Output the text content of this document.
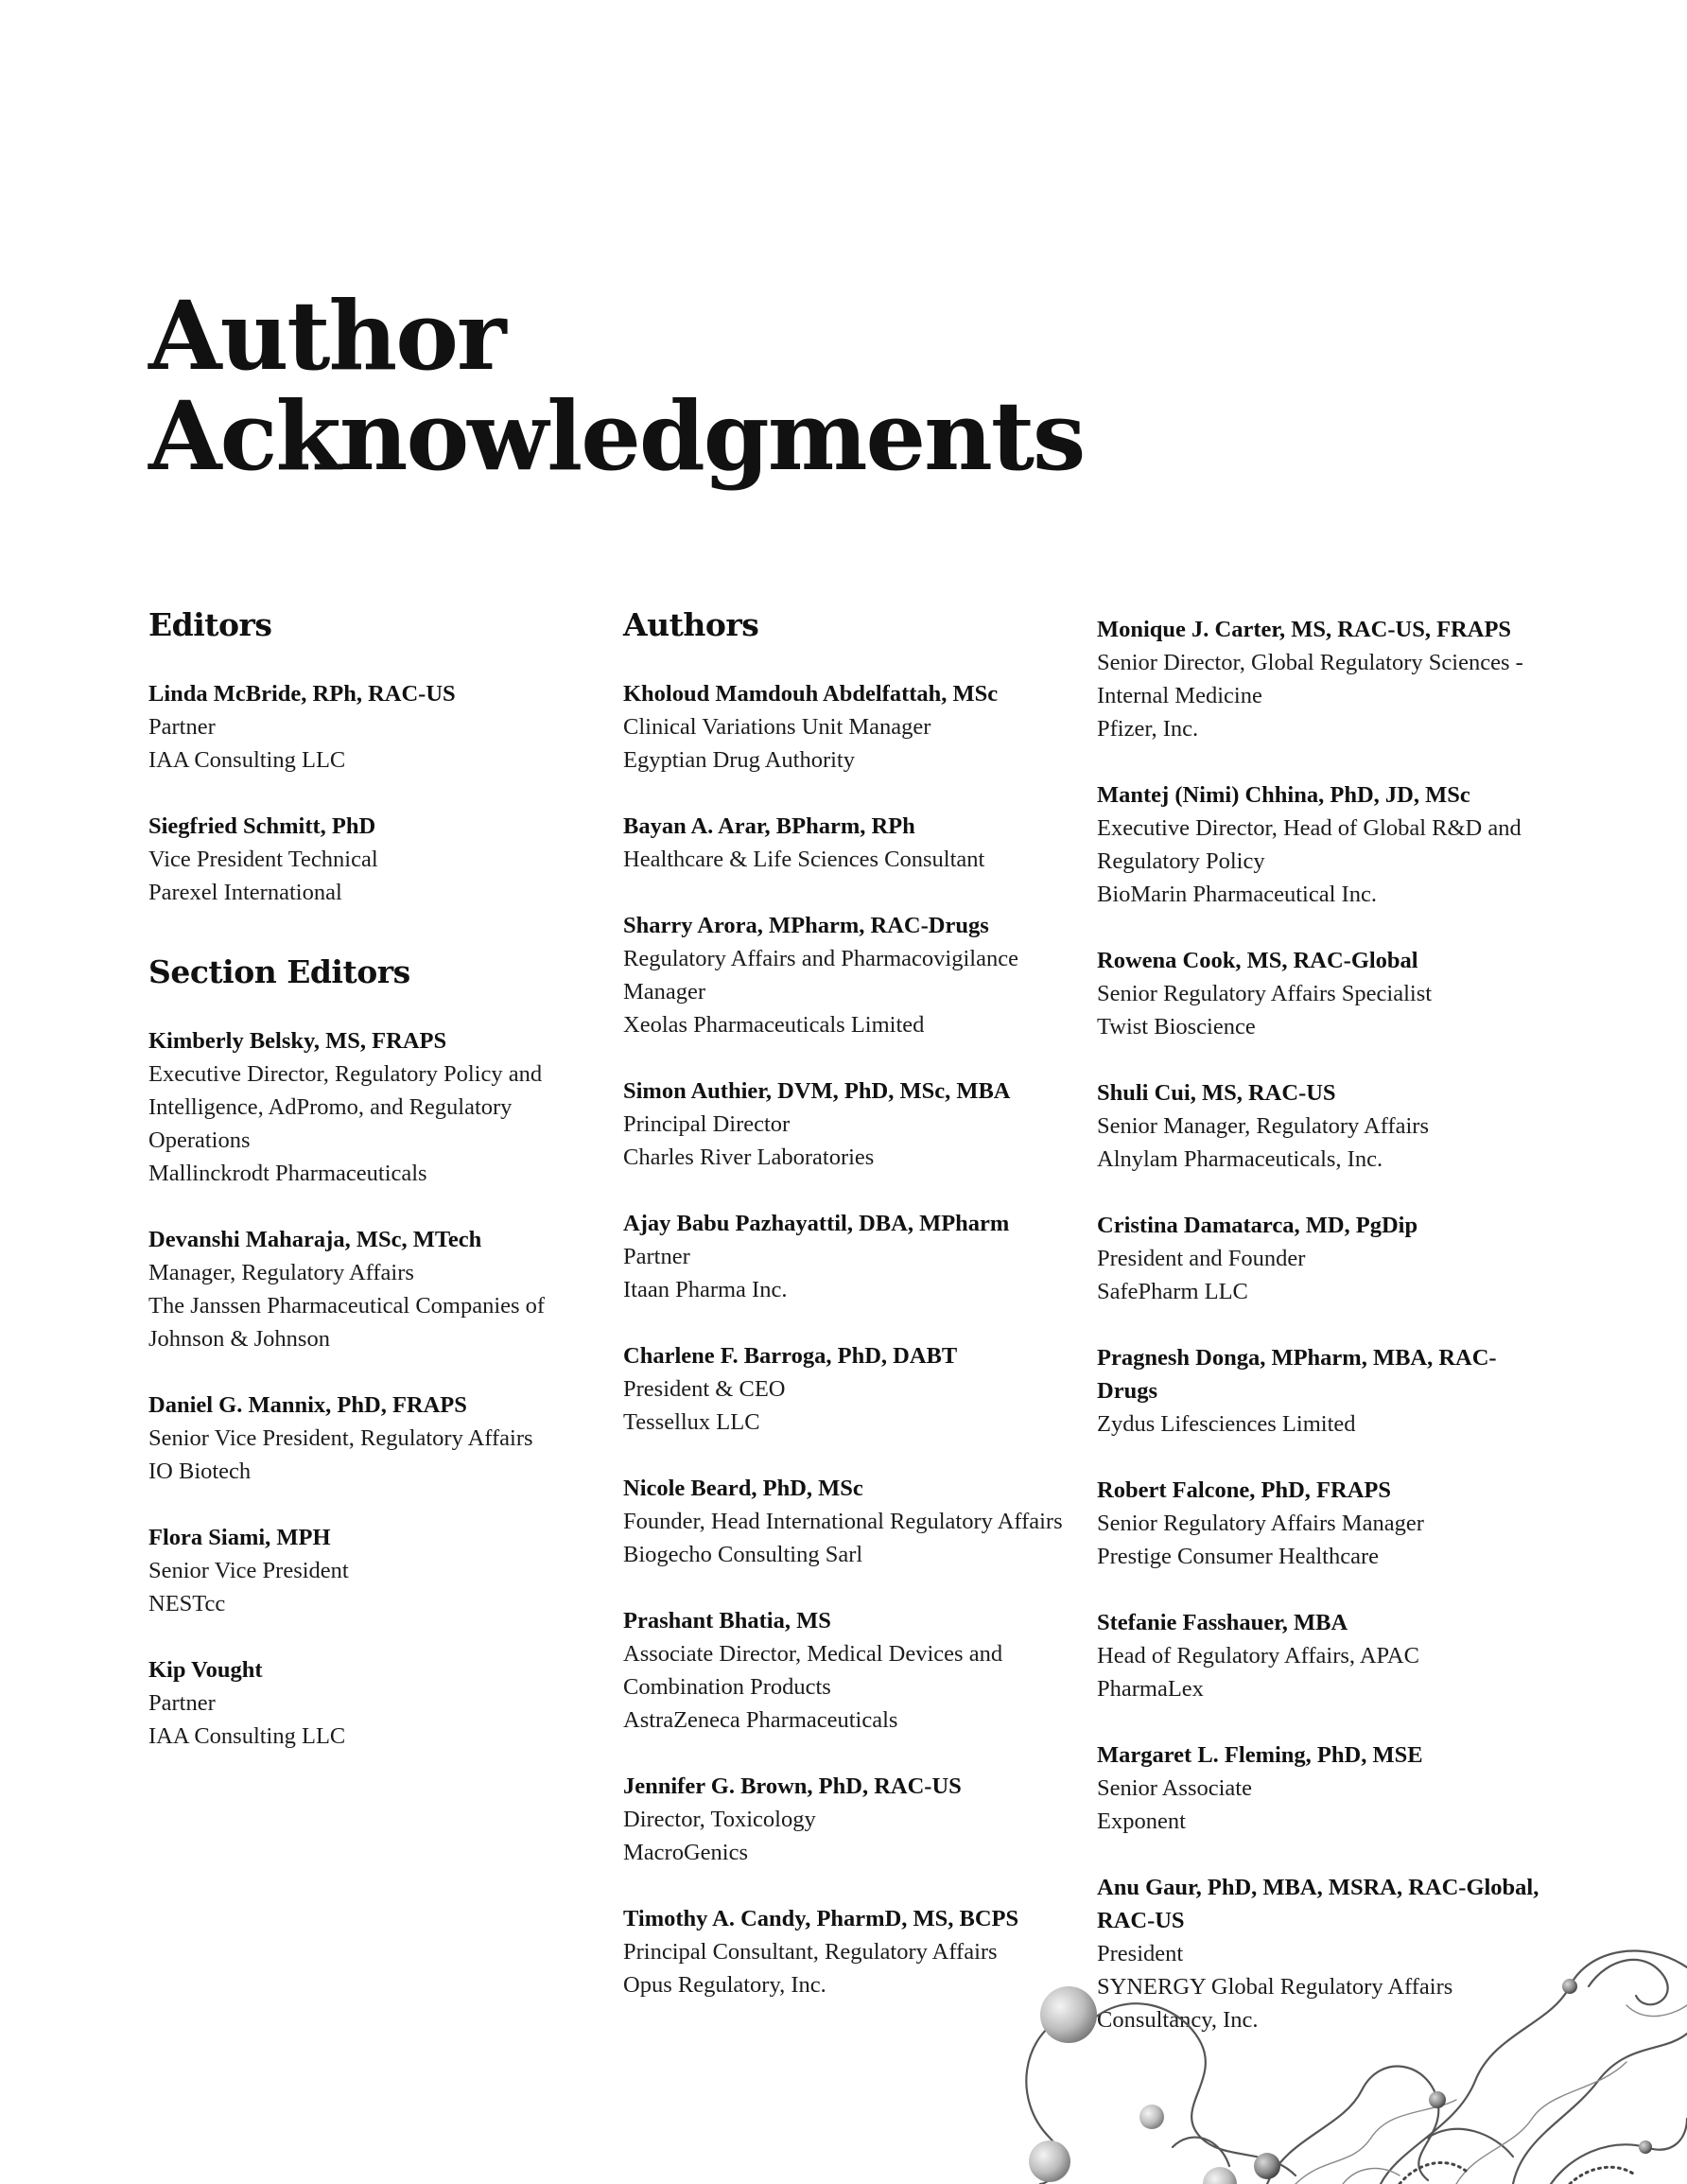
Author
Acknowledgments
Editors
Linda McBride, RPh, RAC-US
Partner
IAA Consulting LLC
Siegfried Schmitt, PhD
Vice President Technical
Parexel International
Section Editors
Kimberly Belsky, MS, FRAPS
Executive Director, Regulatory Policy and Intelligence, AdPromo, and Regulatory Operations
Mallinckrodt Pharmaceuticals
Devanshi Maharaja, MSc, MTech
Manager, Regulatory Affairs
The Janssen Pharmaceutical Companies of Johnson & Johnson
Daniel G. Mannix, PhD, FRAPS
Senior Vice President, Regulatory Affairs
IO Biotech
Flora Siami, MPH
Senior Vice President
NESTcc
Kip Vought
Partner
IAA Consulting LLC
Authors
Kholoud Mamdouh Abdelfattah, MSc
Clinical Variations Unit Manager
Egyptian Drug Authority
Bayan A. Arar, BPharm, RPh
Healthcare & Life Sciences Consultant
Sharry Arora, MPharm, RAC-Drugs
Regulatory Affairs and Pharmacovigilance Manager
Xeolas Pharmaceuticals Limited
Simon Authier, DVM, PhD, MSc, MBA
Principal Director
Charles River Laboratories
Ajay Babu Pazhayattil, DBA, MPharm
Partner
Itaan Pharma Inc.
Charlene F. Barroga, PhD, DABT
President & CEO
Tessellux LLC
Nicole Beard, PhD, MSc
Founder, Head International Regulatory Affairs
Biogecho Consulting Sarl
Prashant Bhatia, MS
Associate Director, Medical Devices and Combination Products
AstraZeneca Pharmaceuticals
Jennifer G. Brown, PhD, RAC-US
Director, Toxicology
MacroGenics
Timothy A. Candy, PharmD, MS, BCPS
Principal Consultant, Regulatory Affairs
Opus Regulatory, Inc.
Monique J. Carter, MS, RAC-US, FRAPS
Senior Director, Global Regulatory Sciences - Internal Medicine
Pfizer, Inc.
Mantej (Nimi) Chhina, PhD, JD, MSc
Executive Director, Head of Global R&D and Regulatory Policy
BioMarin Pharmaceutical Inc.
Rowena Cook, MS, RAC-Global
Senior Regulatory Affairs Specialist
Twist Bioscience
Shuli Cui, MS, RAC-US
Senior Manager, Regulatory Affairs
Alnylam Pharmaceuticals, Inc.
Cristina Damatarca, MD, PgDip
President and Founder
SafePharm LLC
Pragnesh Donga, MPharm, MBA, RAC-Drugs
Zydus Lifesciences Limited
Robert Falcone, PhD, FRAPS
Senior Regulatory Affairs Manager
Prestige Consumer Healthcare
Stefanie Fasshauer, MBA
Head of Regulatory Affairs, APAC
PharmaLex
Margaret L. Fleming, PhD, MSE
Senior Associate
Exponent
Anu Gaur, PhD, MBA, MSRA, RAC-Global, RAC-US
President
SYNERGY Global Regulatory Affairs Consultancy, Inc.
